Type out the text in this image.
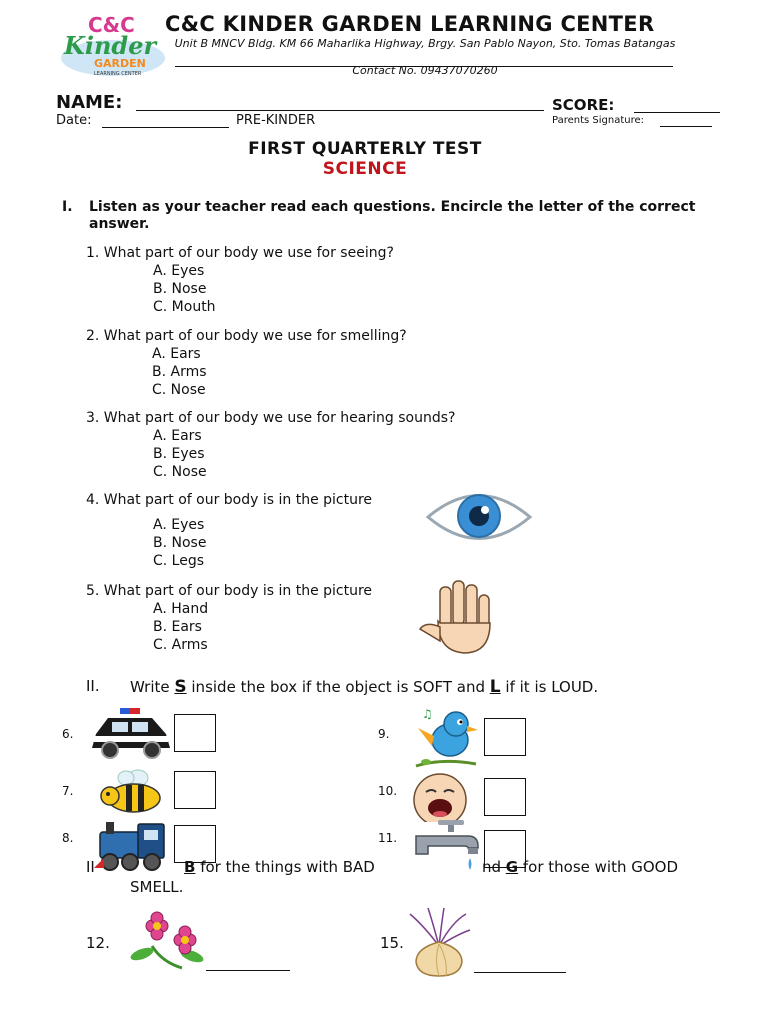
C&C
Kinder
GARDEN
LEARNING CENTER
C&C KINDER GARDEN LEARNING CENTER
Unit B MNCV Bldg. KM 66 Maharlika Highway, Brgy. San Pablo Nayon, Sto. Tomas Batangas
Contact No. 09437070260
NAME:	SCORE:
Date:	PRE-KINDER	Parents Signature:
FIRST QUARTERLY TEST
SCIENCE
I. Listen as your teacher read each questions. Encircle the letter of the correct answer.
1. What part of our body we use for seeing?
A. Eyes
B. Nose
C. Mouth
2. What part of our body we use for smelling?
A. Ears
B. Arms
C. Nose
3. What part of our body we use for hearing sounds?
A. Ears
B. Eyes
C. Nose
4. What part of our body is in the picture
A. Eyes
B. Nose
C. Legs
5. What part of our body is in the picture
A. Hand
B. Ears
C. Arms
II. Write S inside the box if the object is SOFT and L if it is LOUD.
6.
7.
8.
9.
♫
10.
11.
II	B for the things with BAD	nd G for those with GOOD
SMELL.
12.	15.
